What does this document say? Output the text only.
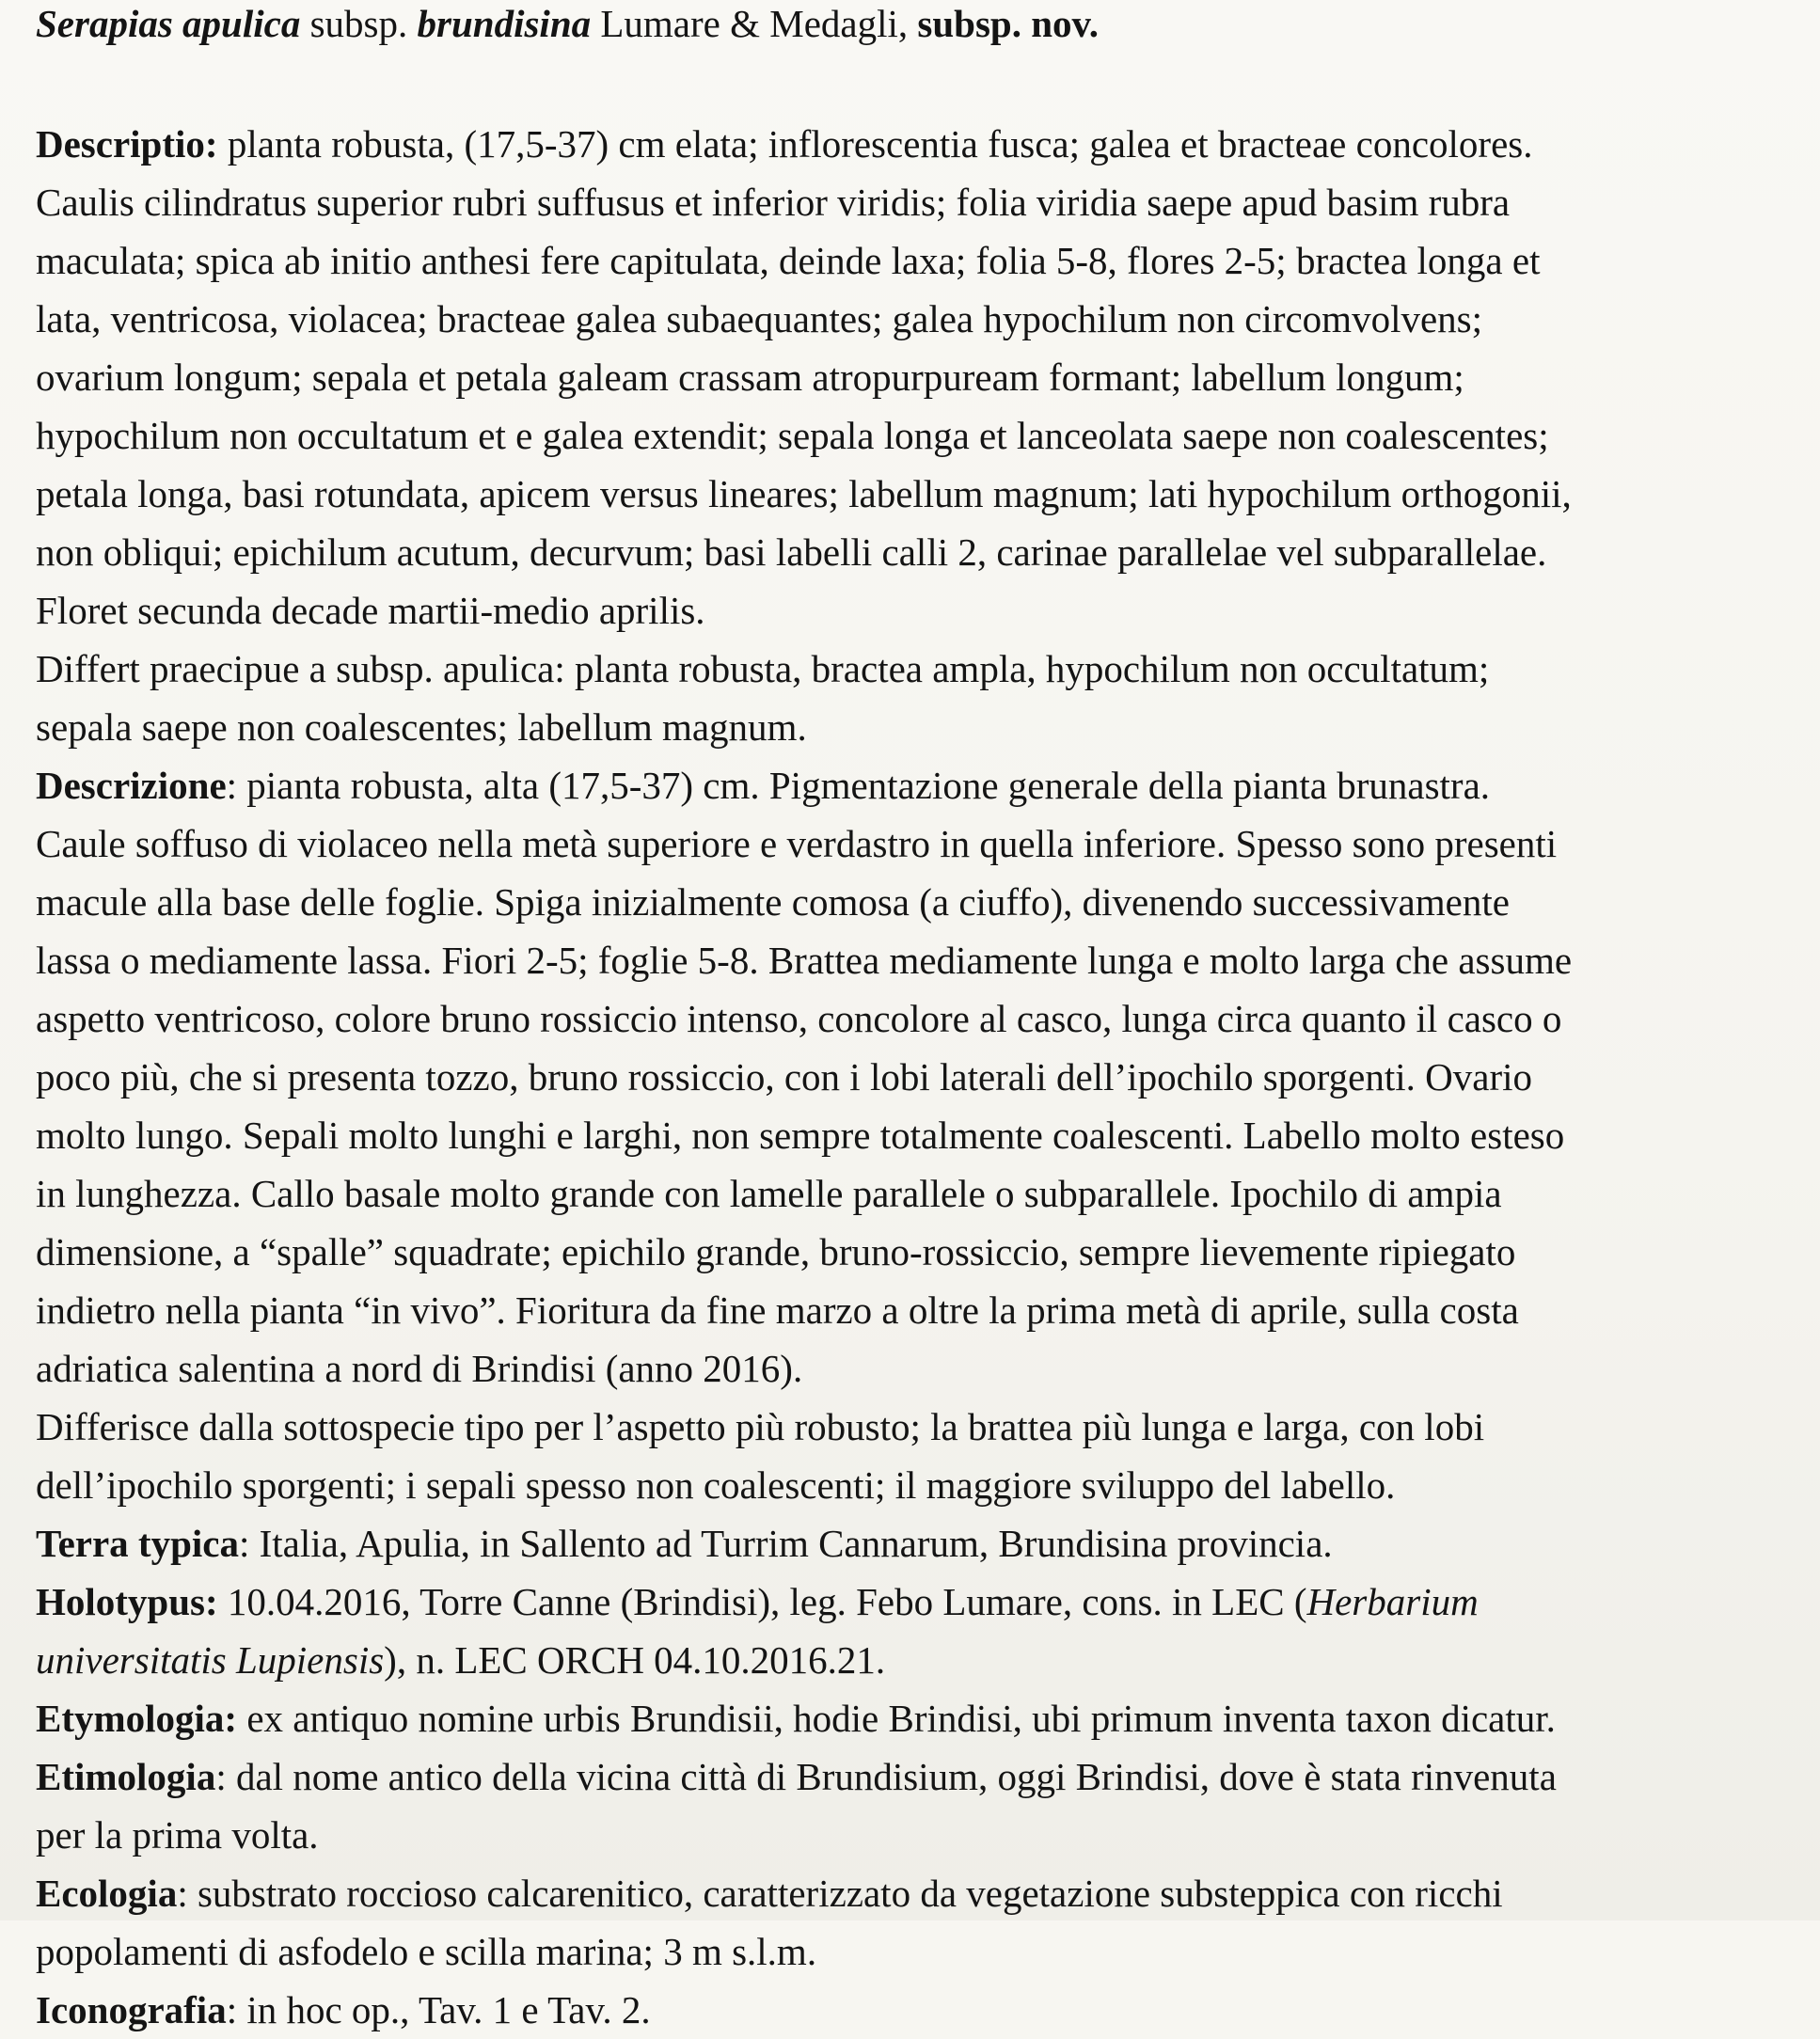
Serapias apulica subsp. brundisina Lumare & Medagli, subsp. nov.
Descriptio: planta robusta, (17,5-37) cm elata; inflorescentia fusca; galea et bracteae concolores.
Caulis cilindratus superior rubri suffusus et inferior viridis; folia viridia saepe apud basim rubra
maculata; spica ab initio anthesi fere capitulata, deinde laxa; folia 5-8, flores 2-5; bractea longa et
lata, ventricosa, violacea; bracteae galea subaequantes; galea hypochilum non circomvolvens;
ovarium longum; sepala et petala galeam crassam atropurpuream formant; labellum longum;
hypochilum non occultatum et e galea extendit; sepala longa et lanceolata saepe non coalescentes;
petala longa, basi rotundata, apicem versus lineares; labellum magnum; lati hypochilum orthogonii,
non obliqui; epichilum acutum, decurvum; basi labelli calli 2, carinae parallelae vel subparallelae.
Floret secunda decade martii-medio aprilis.
Differt praecipue a subsp. apulica: planta robusta, bractea ampla, hypochilum non occultatum;
sepala saepe non coalescentes; labellum magnum.
Descrizione: pianta robusta, alta (17,5-37) cm. Pigmentazione generale della pianta brunastra.
Caule soffuso di violaceo nella metà superiore e verdastro in quella inferiore. Spesso sono presenti
macule alla base delle foglie. Spiga inizialmente comosa (a ciuffo), divenendo successivamente
lassa o mediamente lassa. Fiori 2-5; foglie 5-8. Brattea mediamente lunga e molto larga che assume
aspetto ventricoso, colore bruno rossiccio intenso, concolore al casco, lunga circa quanto il casco o
poco più, che si presenta tozzo, bruno rossiccio, con i lobi laterali dell’ipochilo sporgenti. Ovario
molto lungo. Sepali molto lunghi e larghi, non sempre totalmente coalescenti. Labello molto esteso
in lunghezza. Callo basale molto grande con lamelle parallele o subparallele. Ipochilo di ampia
dimensione, a “spalle” squadrate; epichilo grande, bruno-rossiccio, sempre lievemente ripiegato
indietro nella pianta “in vivo”. Fioritura da fine marzo a oltre la prima metà di aprile, sulla costa
adriatica salentina a nord di Brindisi (anno 2016).
Differisce dalla sottospecie tipo per l’aspetto più robusto; la brattea più lunga e larga, con lobi
dell’ipochilo sporgenti; i sepali spesso non coalescenti; il maggiore sviluppo del labello.
Terra typica: Italia, Apulia, in Sallento ad Turrim Cannarum, Brundisina provincia.
Holotypus: 10.04.2016, Torre Canne (Brindisi), leg. Febo Lumare, cons. in LEC (Herbarium
universitatis Lupiensis), n. LEC ORCH 04.10.2016.21.
Etymologia: ex antiquo nomine urbis Brundisii, hodie Brindisi, ubi primum inventa taxon dicatur.
Etimologia: dal nome antico della vicina città di Brundisium, oggi Brindisi, dove è stata rinvenuta
per la prima volta.
Ecologia: substrato roccioso calcarenitico, caratterizzato da vegetazione substeppica con ricchi
popolamenti di asfodelo e scilla marina; 3 m s.l.m.
Iconografia: in hoc op., Tav. 1 e Tav. 2.
